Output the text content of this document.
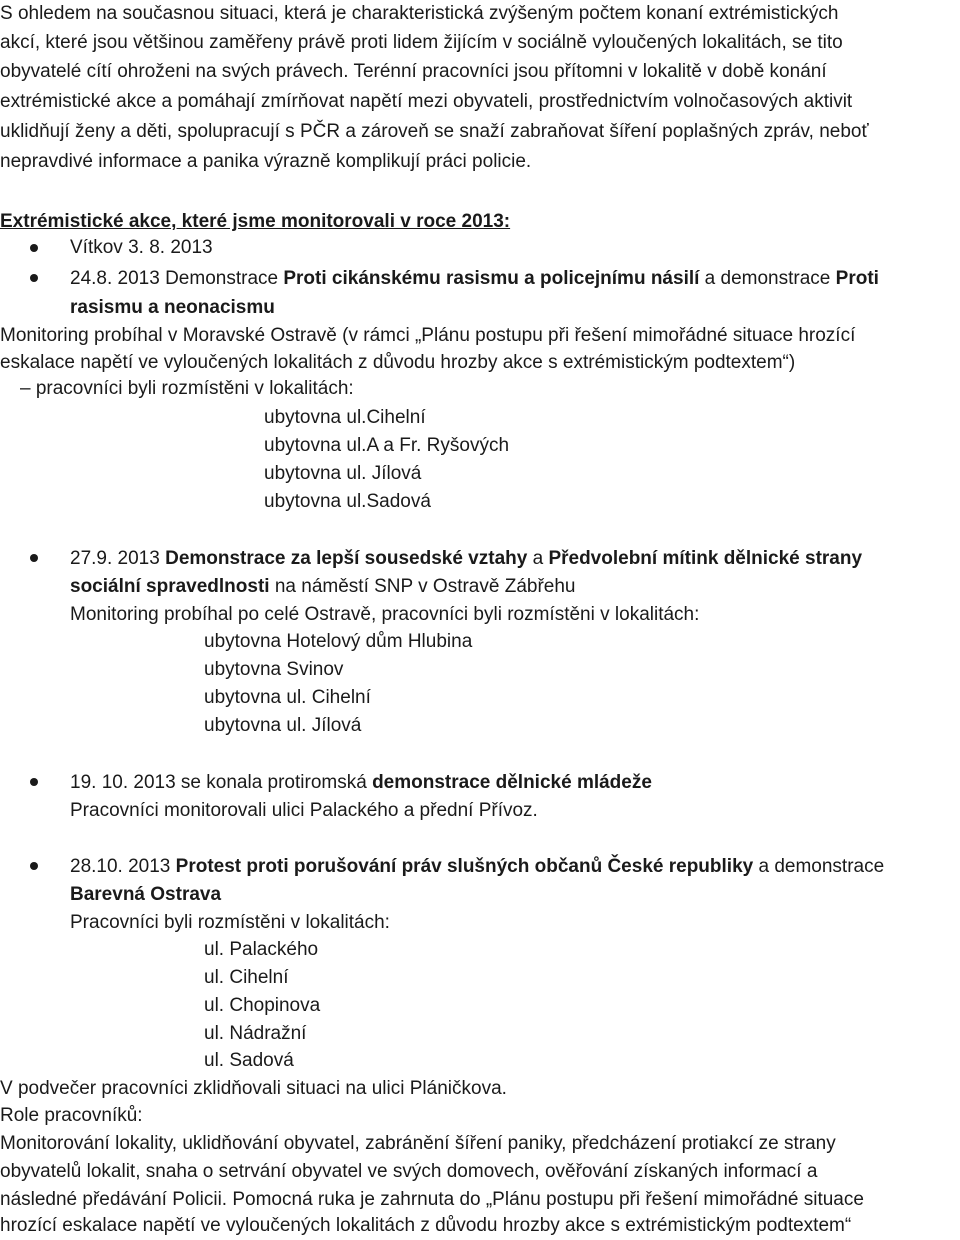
S ohledem na současnou situaci, která je charakteristická zvýšeným počtem konaní extrémistických
akcí, které jsou většinou zaměřeny právě proti lidem žijícím v sociálně vyloučených lokalitách, se tito
obyvatelé cítí ohroženi na svých právech. Terénní pracovníci jsou přítomni v lokalitě v době konání
extrémistické akce a pomáhají zmírňovat napětí mezi obyvateli, prostřednictvím volnočasových aktivit
uklidňují ženy a děti, spolupracují s PČR a zároveň se snaží zabraňovat šíření poplašných zpráv, neboť
nepravdivé informace a panika výrazně komplikují práci policie.
Extrémistické akce, které jsme monitorovali v roce 2013:
Vítkov 3. 8. 2013
24.8. 2013 Demonstrace Proti cikánskému rasismu a policejnímu násilí a demonstrace Proti
rasismu a neonacismu
Monitoring probíhal v Moravské Ostravě (v rámci „Plánu postupu při řešení mimořádné situace hrozící
eskalace napětí ve vyloučených lokalitách z důvodu hrozby akce s extrémistickým podtextem“)
– pracovníci byli rozmístěni v lokalitách:
ubytovna ul.Cihelní
ubytovna ul.A a Fr. Ryšových
ubytovna ul. Jílová
ubytovna ul.Sadová
27.9. 2013 Demonstrace za lepší sousedské vztahy a Předvolební mítink dělnické strany
sociální spravedlnosti na náměstí SNP v Ostravě Zábřehu
Monitoring probíhal po celé Ostravě, pracovníci byli rozmístěni v lokalitách:
ubytovna Hotelový dům Hlubina
ubytovna Svinov
ubytovna ul. Cihelní
ubytovna ul. Jílová
19. 10. 2013 se konala protiromská demonstrace dělnické mládeže
Pracovníci monitorovali ulici Palackého a přední Přívoz.
28.10. 2013 Protest proti porušování práv slušných občanů České republiky a demonstrace
Barevná Ostrava
Pracovníci byli rozmístěni v lokalitách:
ul. Palackého
ul. Cihelní
ul. Chopinova
ul. Nádražní
ul. Sadová
V podvečer pracovníci zklidňovali situaci na ulici Pláničkova.
Role pracovníků:
Monitorování lokality, uklidňování obyvatel, zabránění šíření paniky, předcházení protiakcí ze strany
obyvatelů lokalit, snaha o setrvání obyvatel ve svých domovech, ověřování získaných informací a
následné předávání Policii. Pomocná ruka je zahrnuta do „Plánu postupu při řešení mimořádné situace
hrozící eskalace napětí ve vyloučených lokalitách z důvodu hrozby akce s extrémistickým podtextem“
